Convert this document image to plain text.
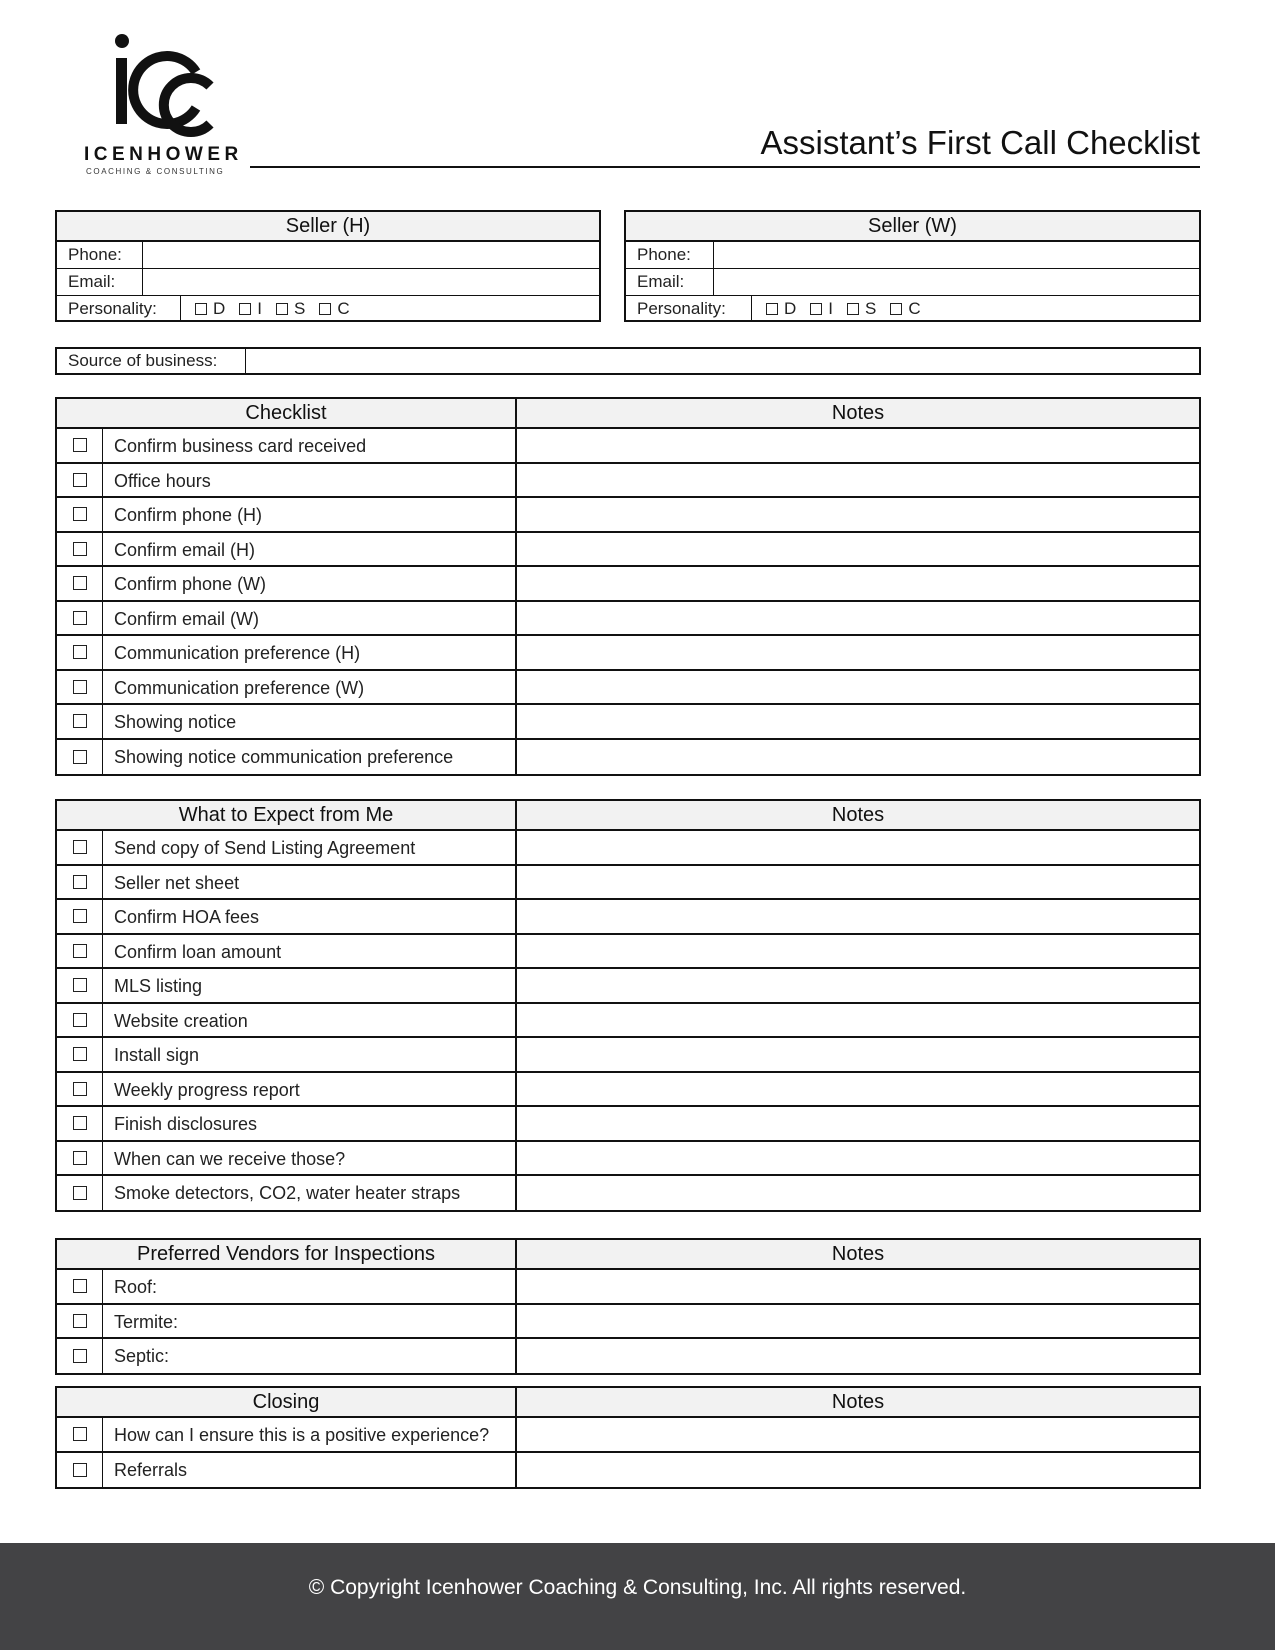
ICENHOWER
COACHING & CONSULTING
Assistant’s First Call Checklist
Seller (H)
Phone:
Email:
Personality:	D I S C
Seller (W)
Phone:
Email:
Personality:	D I S C
Source of business:
Checklist	Notes
Confirm business card received
Office hours
Confirm phone (H)
Confirm email (H)
Confirm phone (W)
Confirm email (W)
Communication preference (H)
Communication preference (W)
Showing notice
Showing notice communication preference
What to Expect from Me	Notes
Send copy of Send Listing Agreement
Seller net sheet
Confirm HOA fees
Confirm loan amount
MLS listing
Website creation
Install sign
Weekly progress report
Finish disclosures
When can we receive those?
Smoke detectors, CO2, water heater straps
Preferred Vendors for Inspections	Notes
Roof:
Termite:
Septic:
Closing	Notes
How can I ensure this is a positive experience?
Referrals
© Copyright Icenhower Coaching & Consulting, Inc. All rights reserved.
